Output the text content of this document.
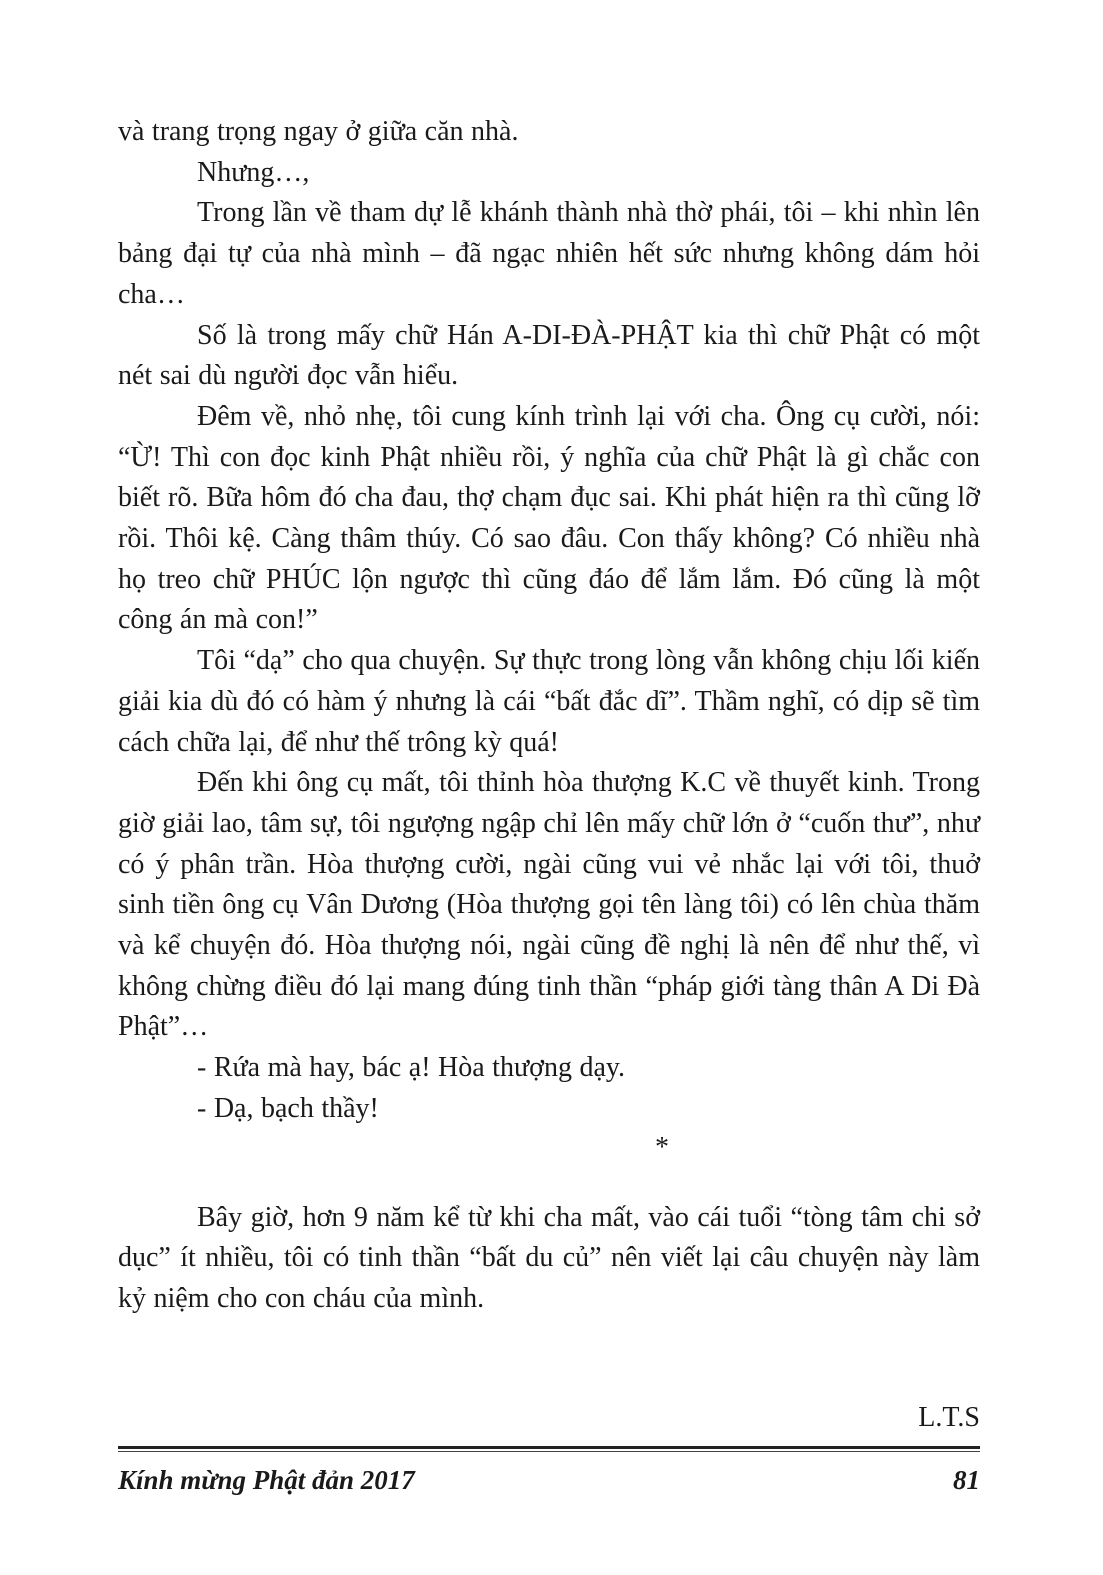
và trang trọng ngay ở giữa căn nhà.

Nhưng…,

Trong lần về tham dự lễ khánh thành nhà thờ phái, tôi – khi nhìn lên bảng đại tự của nhà mình – đã ngạc nhiên hết sức nhưng không dám hỏi cha…

Số là trong mấy chữ Hán A-DI-ĐÀ-PHẬT kia thì chữ Phật có một nét sai dù người đọc vẫn hiểu.

Đêm về, nhỏ nhẹ, tôi cung kính trình lại với cha. Ông cụ cười, nói: “Ừ! Thì con đọc kinh Phật nhiều rồi, ý nghĩa của chữ Phật là gì chắc con biết rõ. Bữa hôm đó cha đau, thợ chạm đục sai. Khi phát hiện ra thì cũng lỡ rồi. Thôi kệ. Càng thâm thúy. Có sao đâu. Con thấy không? Có nhiều nhà họ treo chữ PHÚC lộn ngược thì cũng đáo để lắm lắm. Đó cũng là một công án mà con!”

Tôi “dạ” cho qua chuyện. Sự thực trong lòng vẫn không chịu lối kiến giải kia dù đó có hàm ý nhưng là cái “bất đắc dĩ”. Thầm nghĩ, có dịp sẽ tìm cách chữa lại, để như thế trông kỳ quá!

Đến khi ông cụ mất, tôi thỉnh hòa thượng K.C về thuyết kinh. Trong giờ giải lao, tâm sự, tôi ngượng ngập chỉ lên mấy chữ lớn ở “cuốn thư”, như có ý phân trần. Hòa thượng cười, ngài cũng vui vẻ nhắc lại với tôi, thuở sinh tiền ông cụ Vân Dương (Hòa thượng gọi tên làng tôi) có lên chùa thăm và kể chuyện đó. Hòa thượng nói, ngài cũng đề nghị là nên để như thế, vì không chừng điều đó lại mang đúng tinh thần “pháp giới tàng thân A Di Đà Phật”…

- Rứa mà hay, bác ạ! Hòa thượng dạy.

- Dạ, bạch thầy!

*

Bây giờ, hơn 9 năm kể từ khi cha mất, vào cái tuổi “tòng tâm chi sở dục” ít nhiều, tôi có tinh thần “bất du củ” nên viết lại câu chuyện này làm kỷ niệm cho con cháu của mình.

L.T.S
Kính mừng Phật đản 2017	81
